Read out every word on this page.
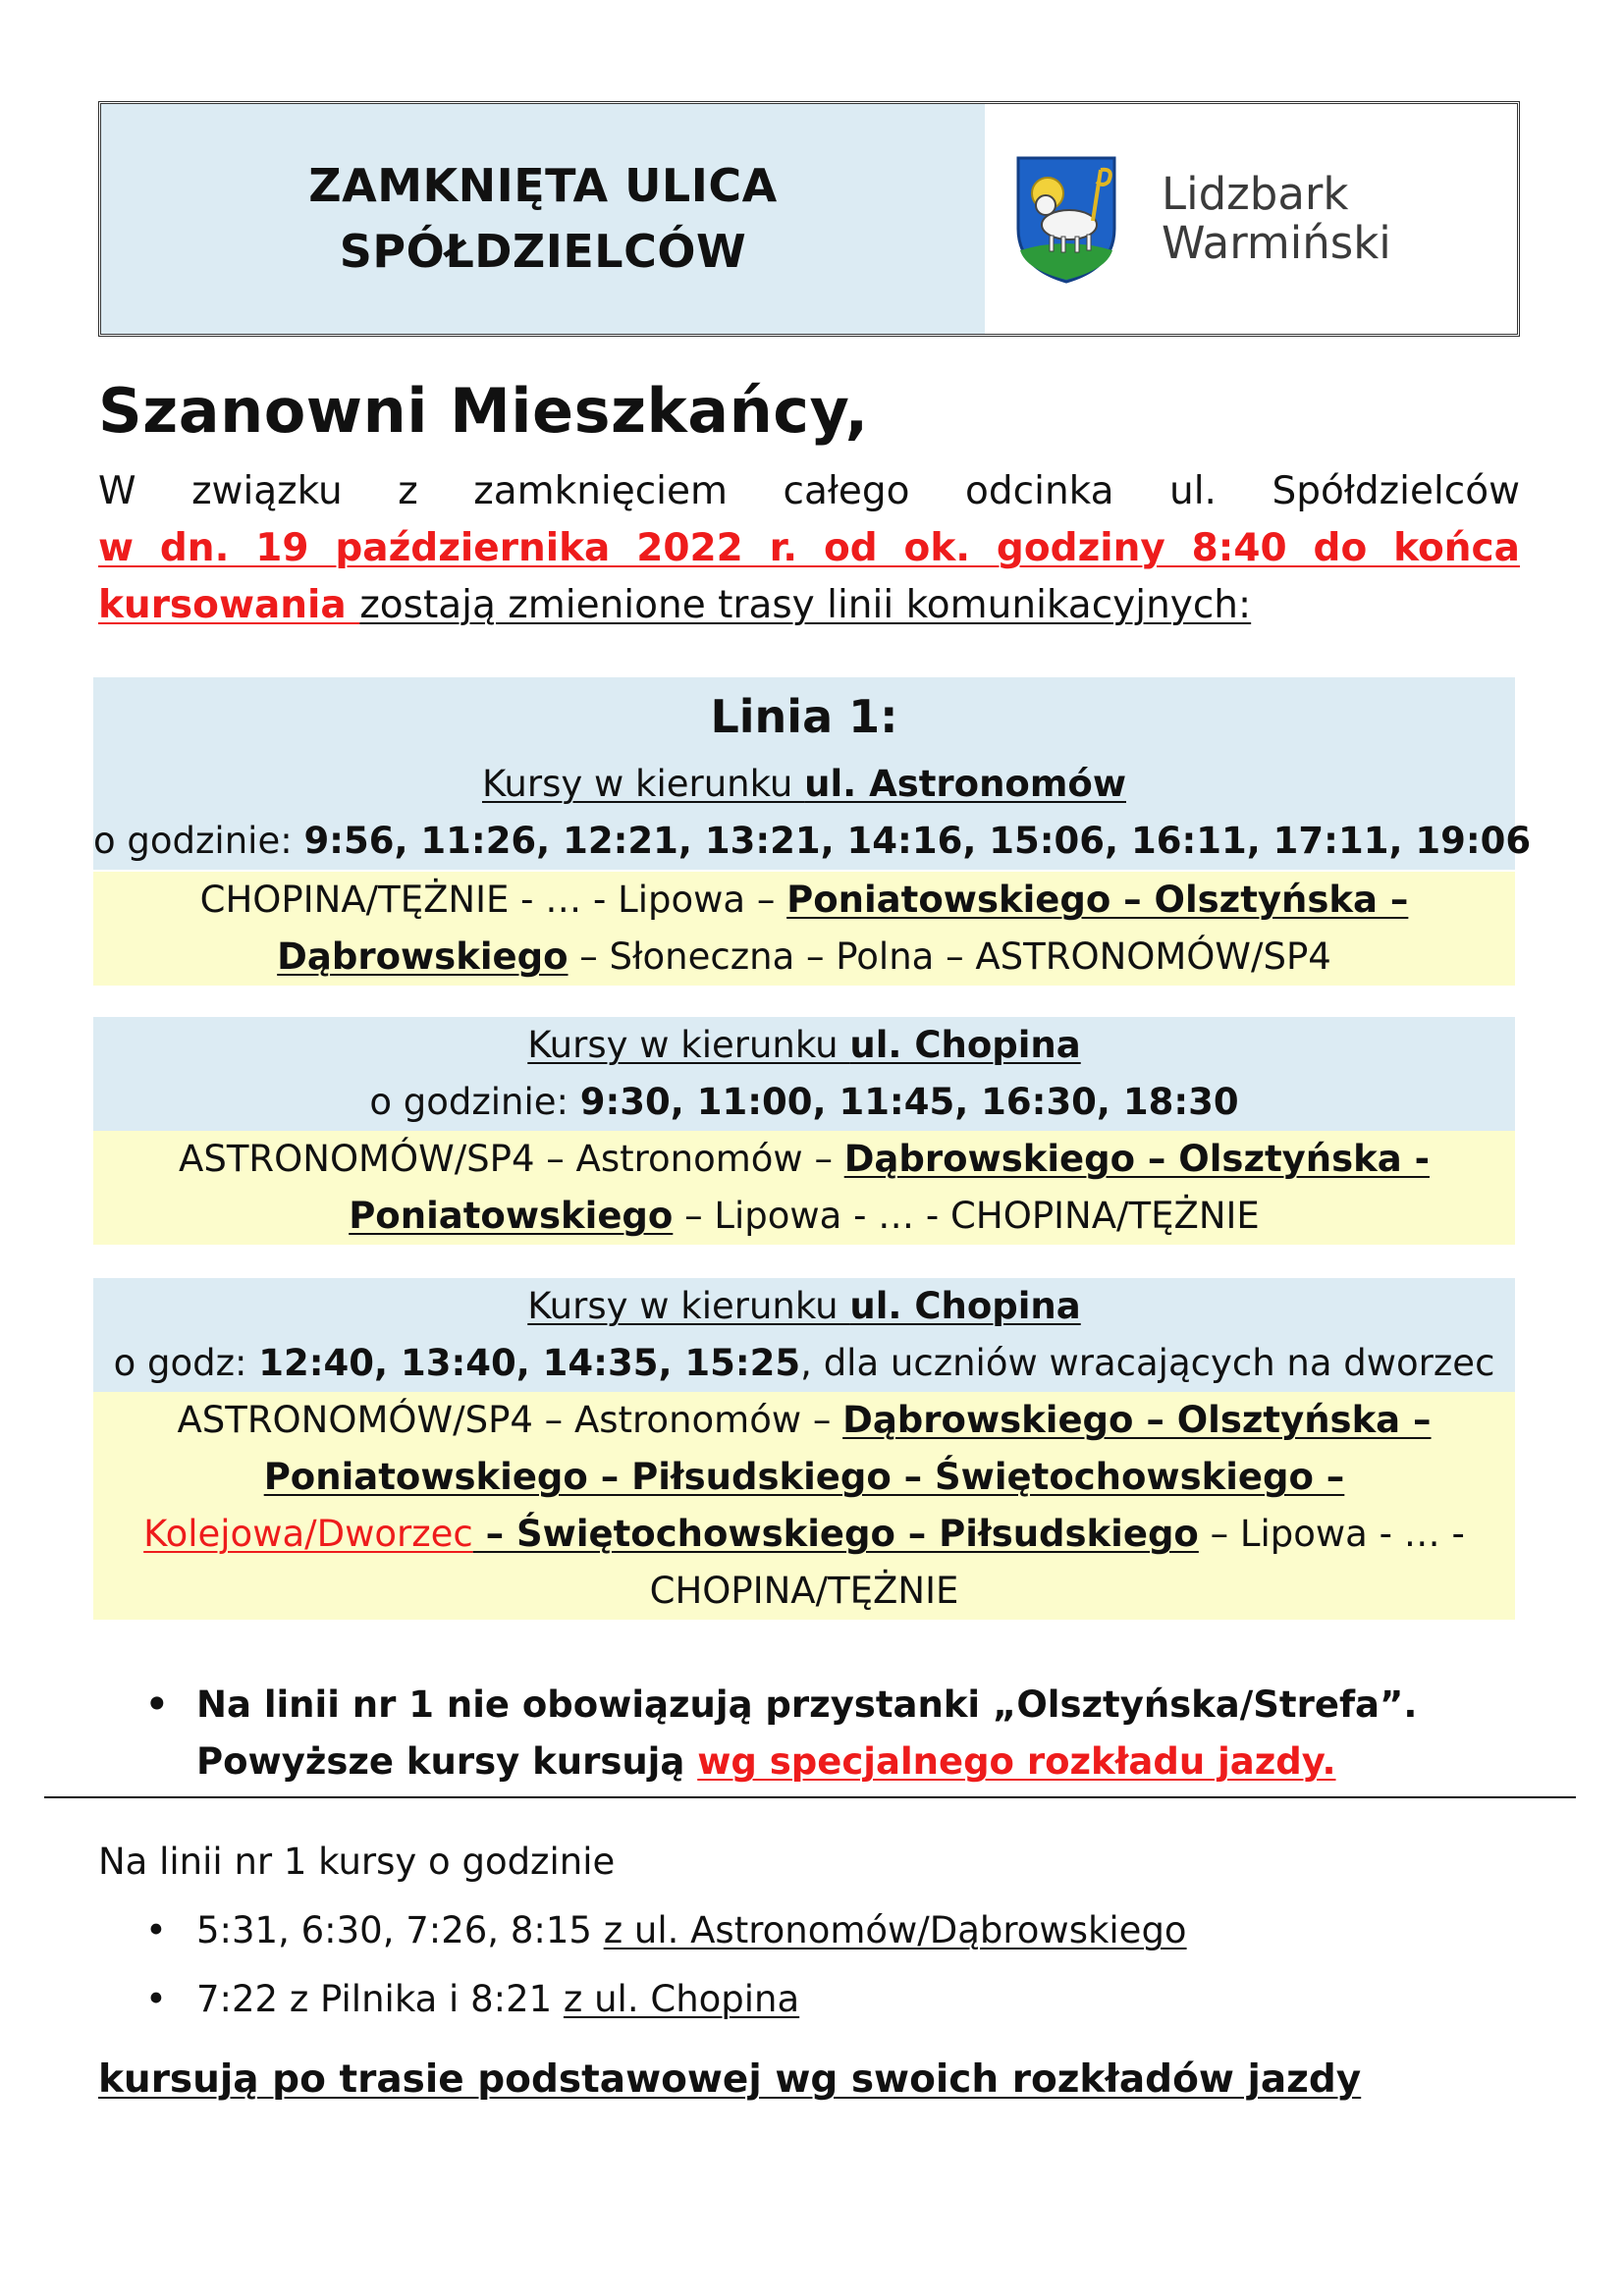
ZAMKNIĘTA ULICA
SPÓŁDZIELCÓW
Lidzbark
Warmiński
Szanowni Mieszkańcy,
W związku z zamknięciem całego odcinka ul. Spółdzielców
w dn. 19 października 2022 r. od ok. godziny 8:40 do końca
kursowania zostają zmienione trasy linii komunikacyjnych:
Linia 1:
Kursy w kierunku ul. Astronomów
o godzinie: 9:56, 11:26, 12:21, 13:21, 14:16, 15:06, 16:11, 17:11, 19:06
CHOPINA/TĘŻNIE - … - Lipowa – Poniatowskiego – Olsztyńska –
Dąbrowskiego – Słoneczna – Polna – ASTRONOMÓW/SP4
Kursy w kierunku ul. Chopina
o godzinie: 9:30, 11:00, 11:45, 16:30, 18:30
ASTRONOMÓW/SP4 – Astronomów – Dąbrowskiego – Olsztyńska -
Poniatowskiego – Lipowa - … - CHOPINA/TĘŻNIE
Kursy w kierunku ul. Chopina
o godz: 12:40, 13:40, 14:35, 15:25, dla uczniów wracających na dworzec
ASTRONOMÓW/SP4 – Astronomów – Dąbrowskiego – Olsztyńska –
Poniatowskiego – Piłsudskiego – Świętochowskiego –
Kolejowa/Dworzec – Świętochowskiego – Piłsudskiego – Lipowa - … -
CHOPINA/TĘŻNIE
• Na linii nr 1 nie obowiązują przystanki „Olsztyńska/Strefa”.
Powyższe kursy kursują wg specjalnego rozkładu jazdy.
Na linii nr 1 kursy o godzinie
• 5:31, 6:30, 7:26, 8:15 z ul. Astronomów/Dąbrowskiego
• 7:22 z Pilnika i 8:21 z ul. Chopina
kursują po trasie podstawowej wg swoich rozkładów jazdy
